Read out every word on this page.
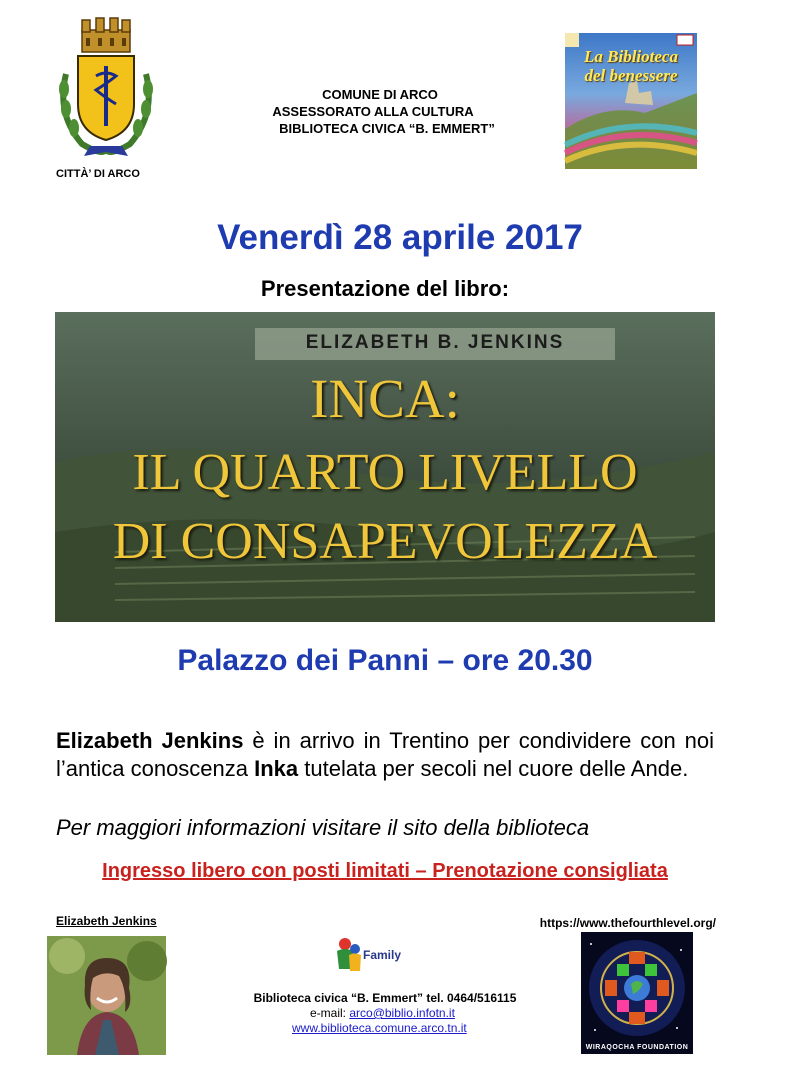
CITTÀ’ DI ARCO
COMUNE DI ARCO
ASSESSORATO ALLA CULTURA
BIBLIOTECA CIVICA “B. EMMERT”
La Biblioteca
del benessere
Venerdì 28 aprile 2017
Presentazione del libro:
ELIZABETH B. JENKINS
INCA:
IL QUARTO LIVELLO
DI CONSAPEVOLEZZA
Palazzo dei Panni – ore 20.30
Elizabeth Jenkins è in arrivo in Trentino per condividere con noi l’antica conoscenza Inka tutelata per secoli nel cuore delle Ande.
Per maggiori informazioni visitare il sito della biblioteca
Ingresso libero con posti limitati – Prenotazione consigliata
Elizabeth Jenkins	https://www.thefourthlevel.org/
WIRAQOCHA FOUNDATION
Family
Biblioteca civica “B. Emmert” tel. 0464/516115
e-mail: arco@biblio.infotn.it
www.biblioteca.comune.arco.tn.it
